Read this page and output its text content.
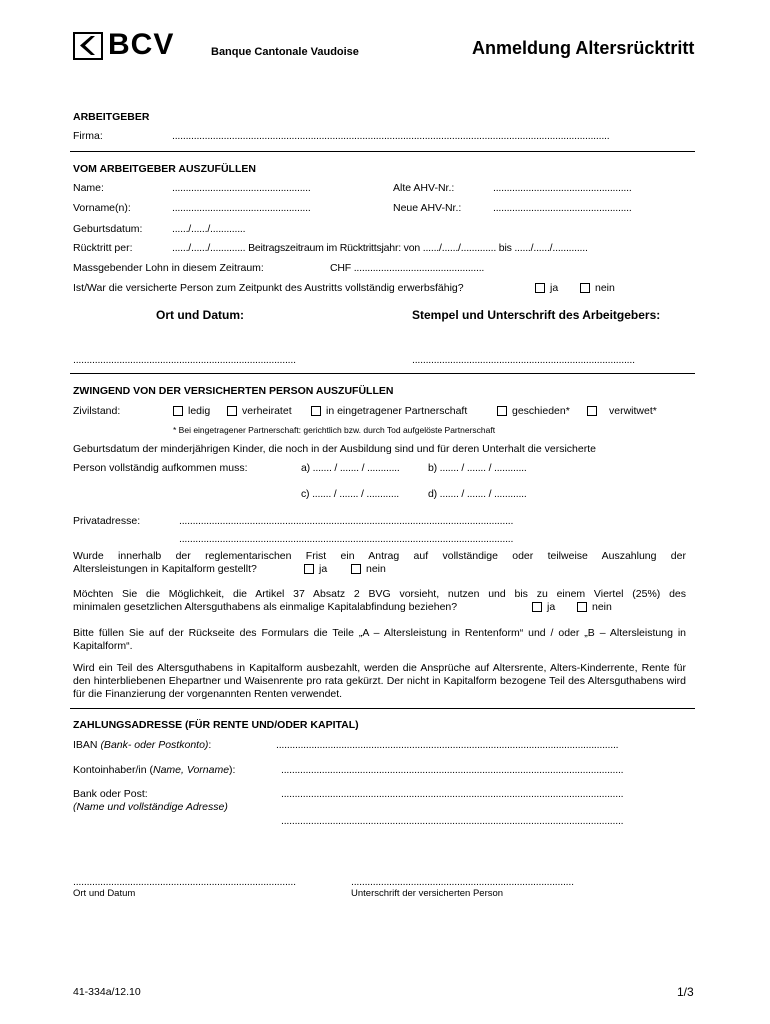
BCV	Banque Cantonale Vaudoise	Anmeldung Altersrücktritt
ARBEITGEBER
Firma:	.................................................................................................................................................................
VOM ARBEITGEBER AUSZUFÜLLEN
Name:	...................................................	Alte AHV-Nr.:	...................................................
Vorname(n):	...................................................	Neue AHV-Nr.:	...................................................
Geburtsdatum:	....../....../.............
Rücktritt per:	....../....../............. Beitragszeitraum im Rücktrittsjahr: von ....../....../............. bis ....../....../.............
Massgebender Lohn in diesem Zeitraum:	CHF ................................................
Ist/War die versicherte Person zum Zeitpunkt des Austritts vollständig erwerbsfähig?	ja	nein
Ort und Datum:	Stempel und Unterschrift des Arbeitgebers:
..................................................................................	..................................................................................
ZWINGEND VON DER VERSICHERTEN PERSON AUSZUFÜLLEN
Zivilstand:	ledig	verheiratet	in eingetragener Partnerschaft	geschieden*	verwitwet*
* Bei eingetragener Partnerschaft: gerichtlich bzw. durch Tod aufgelöste Partnerschaft
Geburtsdatum der minderjährigen Kinder, die noch in der Ausbildung sind und für deren Unterhalt die versicherte
Person vollständig aufkommen muss:	a) ....... / ....... / ............	b) ....... / ....... / ............
c) ....... / ....... / ............	d) ....... / ....... / ............
Privatadresse:	...........................................................................................................................
...........................................................................................................................
Wurde innerhalb der reglementarischen Frist ein Antrag auf vollständige oder teilweise Auszahlung der
Altersleistungen in Kapitalform gestellt?	ja	nein
Möchten Sie die Möglichkeit, die Artikel 37 Absatz 2 BVG vorsieht, nutzen und bis zu einem Viertel (25%) des
minimalen gesetzlichen Altersguthabens als einmalige Kapitalabfindung beziehen?	ja	nein
Bitte füllen Sie auf der Rückseite des Formulars die Teile „A – Altersleistung in Rentenform“ und / oder „B – Altersleistung in Kapitalform“.
Wird ein Teil des Altersguthabens in Kapitalform ausbezahlt, werden die Ansprüche auf Altersrente, Alters-Kinderrente, Rente für den hinterbliebenen Ehepartner und Waisenrente pro rata gekürzt. Der nicht in Kapitalform bezogene Teil des Altersguthabens wird für die Finanzierung der vorgenannten Renten verwendet.
ZAHLUNGSADRESSE (FÜR RENTE UND/ODER KAPITAL)
IBAN (Bank- oder Postkonto):	..............................................................................................................................
Kontoinhaber/in (Name, Vorname):	..............................................................................................................................
Bank oder Post:	..............................................................................................................................
(Name und vollständige Adresse)
..............................................................................................................................
..................................................................................
Ort und Datum
..................................................................................
Unterschrift der versicherten Person
41-334a/12.10	1/3
